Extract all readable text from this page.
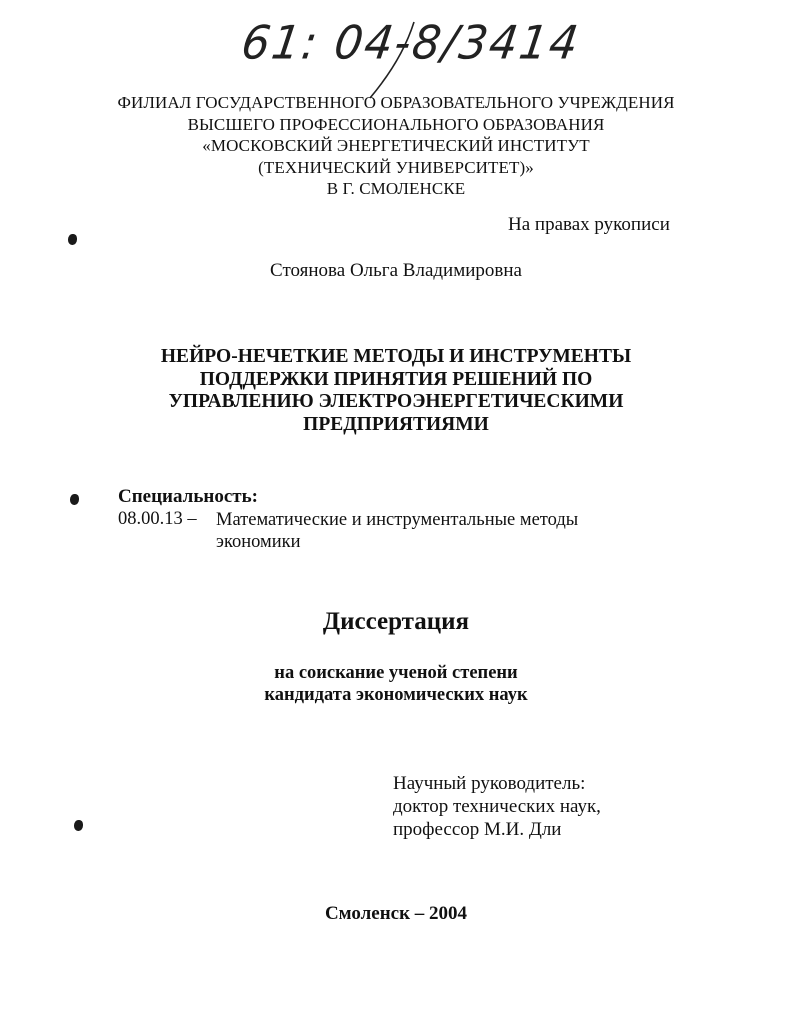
61: 04-8/3414
ФИЛИАЛ ГОСУДАРСТВЕННОГО ОБРАЗОВАТЕЛЬНОГО УЧРЕЖДЕНИЯ
ВЫСШЕГО ПРОФЕССИОНАЛЬНОГО ОБРАЗОВАНИЯ
«МОСКОВСКИЙ ЭНЕРГЕТИЧЕСКИЙ ИНСТИТУТ
(ТЕХНИЧЕСКИЙ УНИВЕРСИТЕТ)»
В Г. СМОЛЕНСКЕ
На правах рукописи
Стоянова Ольга Владимировна
НЕЙРО-НЕЧЕТКИЕ МЕТОДЫ И ИНСТРУМЕНТЫ
ПОДДЕРЖКИ ПРИНЯТИЯ РЕШЕНИЙ ПО
УПРАВЛЕНИЮ ЭЛЕКТРОЭНЕРГЕТИЧЕСКИМИ
ПРЕДПРИЯТИЯМИ
Специальность:
08.00.13 – Математические и инструментальные методы
экономики
Диссертация
на соискание ученой степени
кандидата экономических наук
Научный руководитель:
доктор технических наук,
профессор М.И. Дли
Смоленск – 2004
